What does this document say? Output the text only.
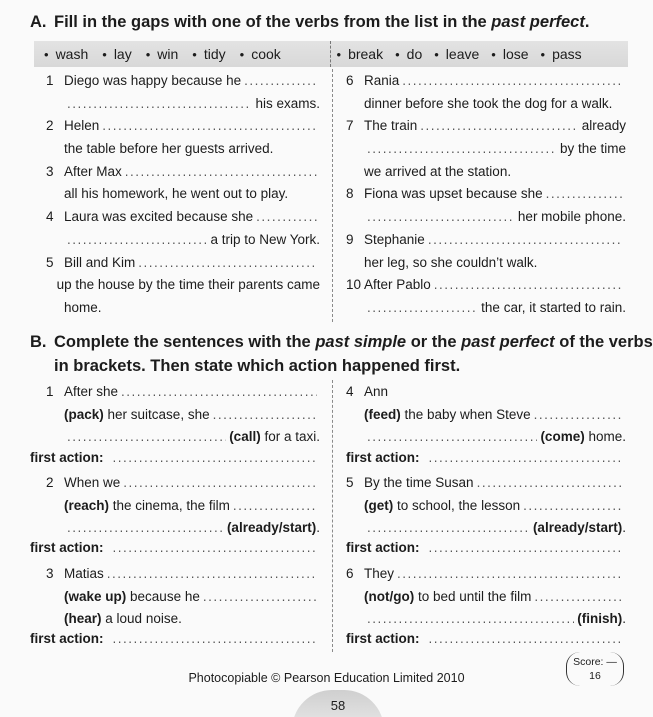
A. Fill in the gaps with one of the verbs from the list in the past perfect.
• wash	• lay	• win	• tidy	• cook	• break	• do	• leave	• lose	• pass
1 Diego was happy because he
.....
.....
his exams.
2 Helen
.....
the table before her guests arrived.
3 After Max
.....
all his homework, he went out to play.
4 Laura was excited because she
.....
.....
a trip to New York.
5 Bill and Kim
.....
up the house by the time their parents came
home.
6 Rania
.....
dinner before she took the dog for a walk.
7 The train .....	already
.....
by the time
we arrived at the station.
8 Fiona was upset because she
.....
.....
her mobile phone.
9 Stephanie
.....
her leg, so she couldn’t walk.
10 After Pablo
.....
.....
the car, it started to rain.
B. Complete the sentences with the past simple or the past perfect of the verbs
in brackets. Then state which action happened first.
1 After she
.....
(pack)
her suitcase, she
.....
.....
(call)
for a taxi.
first action:
.....
2 When we
.....
(reach)
the cinema, the film
.....
.....
(already/start) .
first action:
.....
3 Matias
.....
(wake up)
because he
.....
(hear)
a loud noise.
first action:
.....
4 Ann
(feed)
the baby when Steve
.....
.....
(come)
home.
first action:
.....
5 By the time Susan
.....
(get)
to school, the lesson
.....
.....
(already/start) .
first action:
.....
6 They
.....
(not/go)
to bed until the film
.....
.....
(finish) .
first action:
.....
Score: —
16
Photocopiable © Pearson Education Limited 2010
58
